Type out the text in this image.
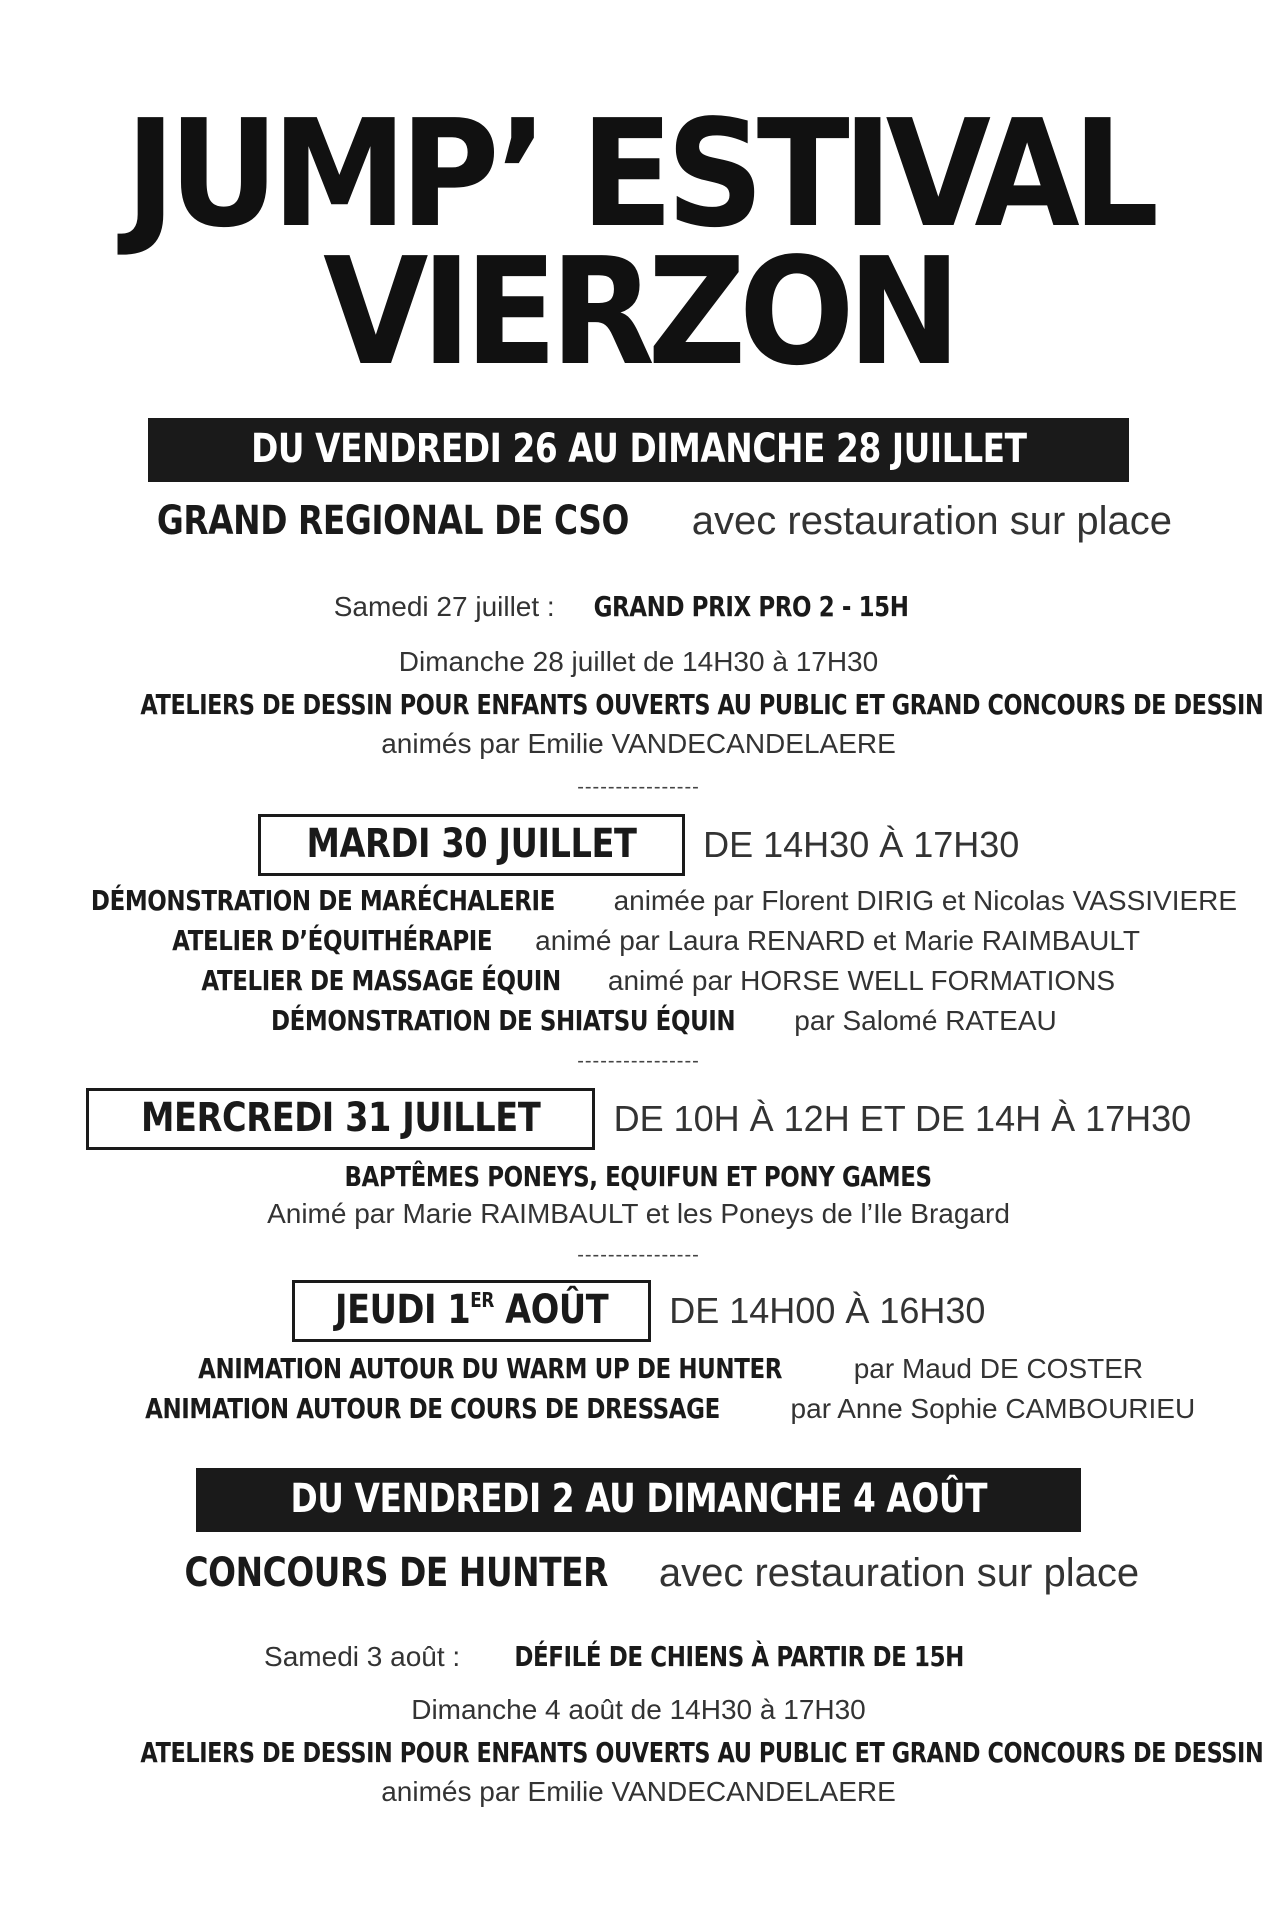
JUMP’ ESTIVAL
VIERZON
DU VENDREDI 26 AU DIMANCHE 28 JUILLET
GRAND REGIONAL DE CSO avec restauration sur place
Samedi 27 juillet : GRAND PRIX PRO 2 - 15H
Dimanche 28 juillet de 14H30 à 17H30
ATELIERS DE DESSIN POUR ENFANTS OUVERTS AU PUBLIC ET GRAND CONCOURS DE DESSIN
animés par Emilie VANDECANDELAERE
----------------
MARDI 30 JUILLET DE 14H30 À 17H30
DÉMONSTRATION DE MARÉCHALERIE animée par Florent DIRIG et Nicolas VASSIVIERE
ATELIER D’ÉQUITHÉRAPIE animé par Laura RENARD et Marie RAIMBAULT
ATELIER DE MASSAGE ÉQUIN animé par HORSE WELL FORMATIONS
DÉMONSTRATION DE SHIATSU ÉQUIN par Salomé RATEAU
----------------
MERCREDI 31 JUILLET DE 10H À 12H ET DE 14H À 17H30
BAPTÊMES PONEYS, EQUIFUN ET PONY GAMES
Animé par Marie RAIMBAULT et les Poneys de l’Ile Bragard
----------------
JEUDI 1ER AOÛT DE 14H00 À 16H30
ANIMATION AUTOUR DU WARM UP DE HUNTER	par Maud DE COSTER
ANIMATION AUTOUR DE COURS DE DRESSAGE	par Anne Sophie CAMBOURIEU
DU VENDREDI 2 AU DIMANCHE 4 AOÛT
CONCOURS DE HUNTER avec restauration sur place
Samedi 3 août : DÉFILÉ DE CHIENS À PARTIR DE 15H
Dimanche 4 août de 14H30 à 17H30
ATELIERS DE DESSIN POUR ENFANTS OUVERTS AU PUBLIC ET GRAND CONCOURS DE DESSIN
animés par Emilie VANDECANDELAERE
